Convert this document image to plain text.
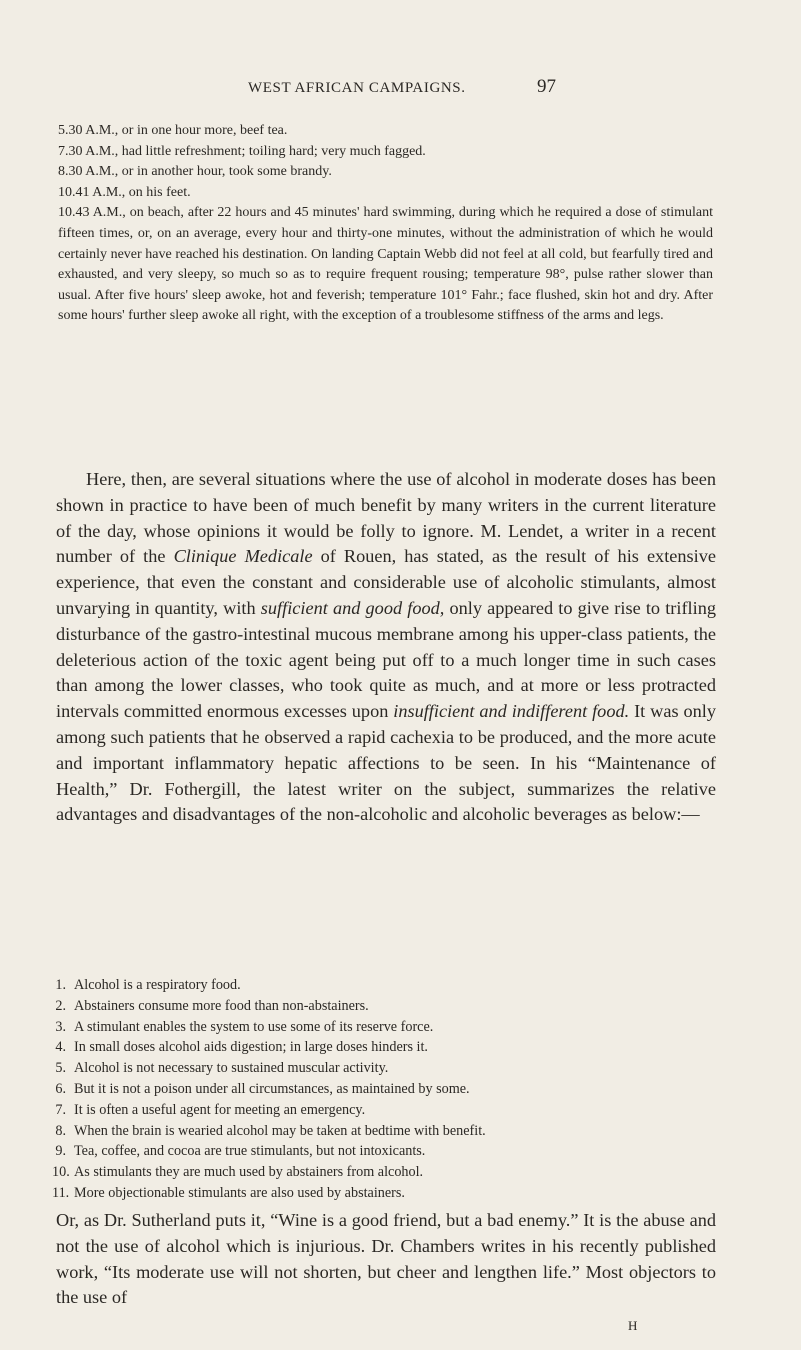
WEST AFRICAN CAMPAIGNS.	97

5.30 A.M., or in one hour more, beef tea.

7.30 A.M., had little refreshment; toiling hard; very much fagged.

8.30 A.M., or in another hour, took some brandy.

10.41 A.M., on his feet.

10.43 A.M., on beach, after 22 hours and 45 minutes' hard swimming, during which he required a dose of stimulant fifteen times, or, on an average, every hour and thirty-one minutes, without the administration of which he would certainly never have reached his destination. On landing Captain Webb did not feel at all cold, but fearfully tired and exhausted, and very sleepy, so much so as to require frequent rousing; temperature 98°, pulse rather slower than usual. After five hours' sleep awoke, hot and feverish; temperature 101° Fahr.; face flushed, skin hot and dry. After some hours' further sleep awoke all right, with the exception of a troublesome stiffness of the arms and legs.

Here, then, are several situations where the use of alcohol in moderate doses has been shown in practice to have been of much benefit by many writers in the current literature of the day, whose opinions it would be folly to ignore. M. Lendet, a writer in a recent number of the Clinique Medicale of Rouen, has stated, as the result of his extensive experience, that even the constant and considerable use of alcoholic stimulants, almost unvarying in quantity, with sufficient and good food, only appeared to give rise to trifling disturbance of the gastro-intestinal mucous membrane among his upper-class patients, the deleterious action of the toxic agent being put off to a much longer time in such cases than among the lower classes, who took quite as much, and at more or less protracted intervals committed enormous excesses upon insufficient and indifferent food. It was only among such patients that he observed a rapid cachexia to be produced, and the more acute and important inflammatory hepatic affections to be seen. In his “Maintenance of Health,” Dr. Fothergill, the latest writer on the subject, summarizes the relative advantages and disadvantages of the non-alcoholic and alcoholic beverages as below:—

1. Alcohol is a respiratory food.
2. Abstainers consume more food than non-abstainers.
3. A stimulant enables the system to use some of its reserve force.
4. In small doses alcohol aids digestion; in large doses hinders it.
5. Alcohol is not necessary to sustained muscular activity.
6. But it is not a poison under all circumstances, as maintained by some.
7. It is often a useful agent for meeting an emergency.
8. When the brain is wearied alcohol may be taken at bedtime with benefit.
9. Tea, coffee, and cocoa are true stimulants, but not intoxicants.
10. As stimulants they are much used by abstainers from alcohol.
11. More objectionable stimulants are also used by abstainers.

Or, as Dr. Sutherland puts it, “Wine is a good friend, but a bad enemy.” It is the abuse and not the use of alcohol which is injurious. Dr. Chambers writes in his recently published work, “Its moderate use will not shorten, but cheer and lengthen life.” Most objectors to the use of

H
